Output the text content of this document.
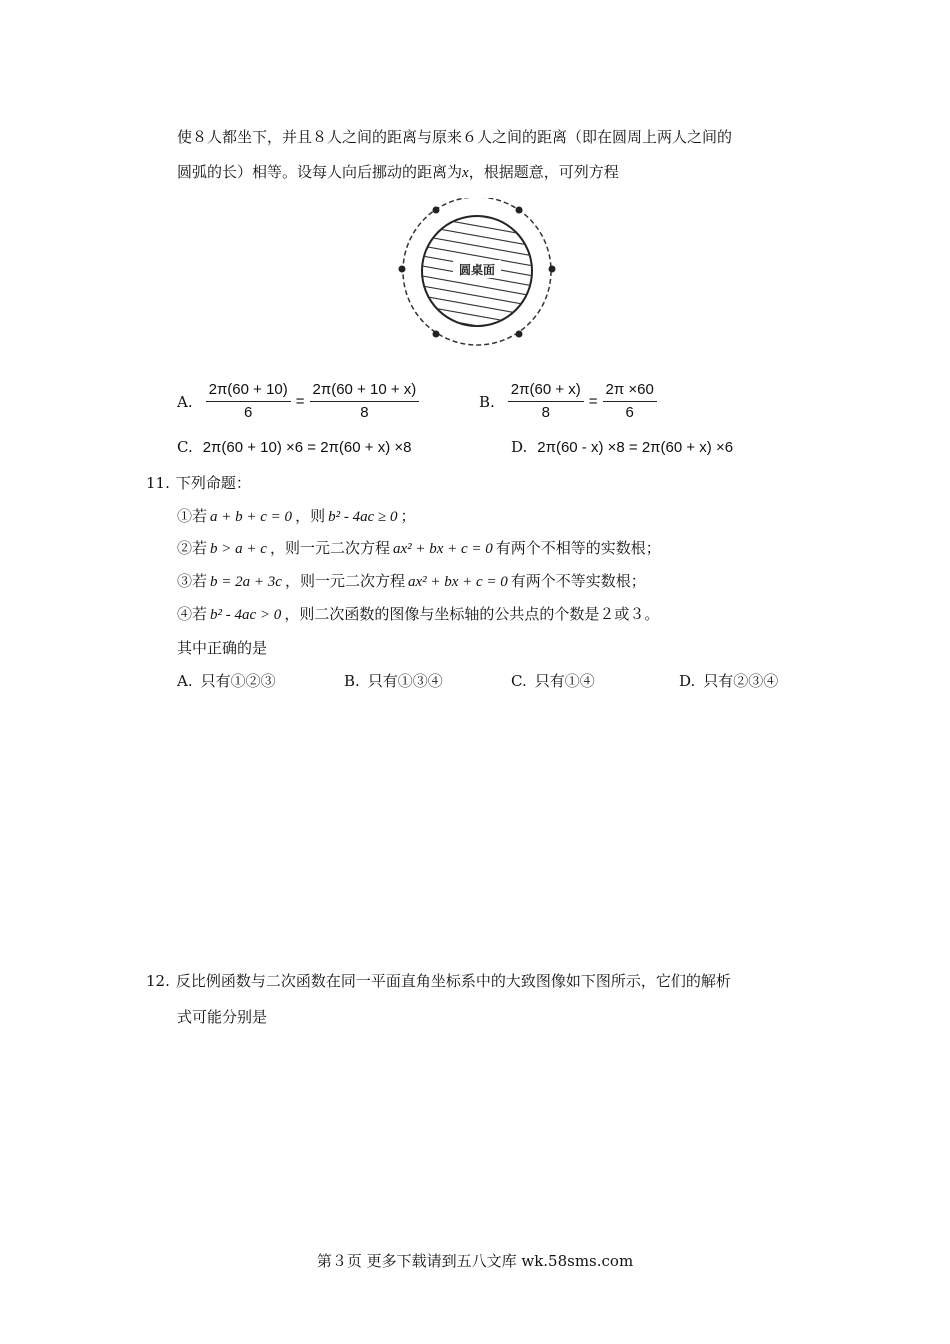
使８人都坐下，并且８人之间的距离与原来６人之间的距离（即在圆周上两人之间的
圆弧的长）相等。设每人向后挪动的距离为x，根据题意，可列方程
圆桌面
A. $\frac{2\pi(60 + 10)}{6} = \frac{2\pi(60 + 10 + x)}{8}$	B. $\frac{2\pi(60 + x)}{8} = \frac{2\pi \times 60}{6}$
C. 2π(60 + 10) ×6 = 2π(60 + x) ×8	D. 2π(60 - x) ×8 = 2π(60 + x) ×6
11. 下列命题：
①若 a + b + c = 0 ，则 b² - 4ac ≥ 0 ；
②若 b > a + c ，则一元二次方程 ax² + bx + c = 0 有两个不相等的实数根；
③若 b = 2a + 3c ，则一元二次方程 ax² + bx + c = 0 有两个不等实数根；
④若 b² - 4ac > 0 ，则二次函数的图像与坐标轴的公共点的个数是２或３。
其中正确的是
A. 只有①②③	B. 只有①③④	C. 只有①④	D. 只有②③④
12. 反比例函数与二次函数在同一平面直角坐标系中的大致图像如下图所示，它们的解析
式可能分别是
第３页 更多下载请到五八文库 wk.58sms.com
